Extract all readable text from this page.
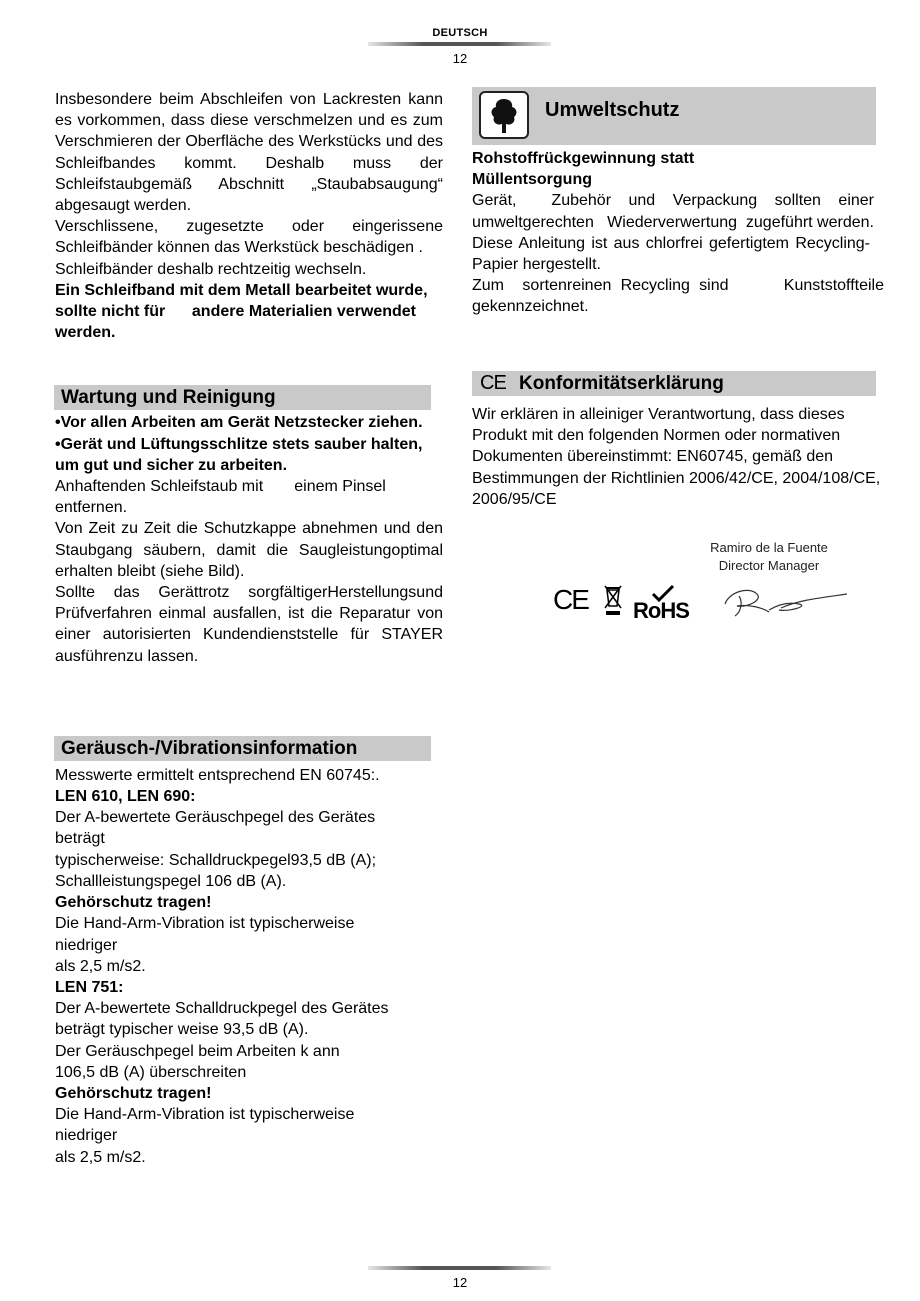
DEUTSCH
12

Insbesondere beim Abschleifen von Lackresten kann es vorkommen, dass diese verschmelzen und es zum Verschmieren der Oberfläche des Werkstücks und des Schleifbandes kommt. Deshalb muss der Schleifstaubgemäß Abschnitt „Staubabsaugung“ abgesaugt werden.

Verschlissene, zugesetzte oder eingerissene Schleifbänder können das Werkstück beschädigen .

Schleifbänder deshalb rechtzeitig wechseln.

Ein Schleifband mit dem Metall bearbeitet wurde, sollte nicht für      andere Materialien verwendet werden.

Wartung und Reinigung

•Vor allen Arbeiten am Gerät Netzstecker ziehen.

•Gerät und Lüftungsschlitze stets sauber halten, um gut und sicher zu arbeiten.

Anhaftenden Schleifstaub mit       einem Pinsel entfernen.

Von Zeit zu Zeit die Schutzkappe abnehmen und den Staubgang säubern, damit die Saugleistungoptimal erhalten bleibt (siehe Bild).

Sollte das Gerättrotz sorgfältigerHerstellungsund Prüfverfahren einmal ausfallen, ist die Reparatur von einer autorisierten Kundendienststelle für STAYER ausführenzu lassen.

Geräusch-/Vibrationsinformation

Messwerte ermittelt entsprechend EN 60745:.

LEN 610, LEN 690:

Der A-bewertete Geräuschpegel des Gerätes beträgt

typischerweise: Schalldruckpegel93,5 dB (A);

Schallleistungspegel 106 dB (A).

Gehörschutz tragen!

Die Hand-Arm-Vibration ist typischerweise niedriger

als 2,5 m/s2.

LEN 751:

Der A-bewertete Schalldruckpegel des Gerätes beträgt typischer weise 93,5 dB (A).

Der Geräuschpegel beim Arbeiten k ann

106,5 dB (A) überschreiten

Gehörschutz tragen!

Die Hand-Arm-Vibration ist typischerweise niedriger

als 2,5 m/s2.

Umweltschutz

Rohstoffrückgewinnung statt Müllentsorgung

Gerät,  Zubehör und Verpackung sollten einer umweltgerechten   Wiederverwertung  zugeführt werden.

Diese Anleitung ist aus chlorfrei gefertigtem Recycling-Papier hergestellt.

Zum  sortenreinen Recycling sind      Kunststoffteile gekennzeichnet.

CE Konformitätserklärung

Wir erklären in alleiniger Verantwortung, dass dieses Produkt mit den folgenden Normen oder normativen Dokumenten übereinstimmt: EN60745, gemäß den Bestimmungen der Richtlinien 2006/42/CE, 2004/108/CE, 2006/95/CE

Ramiro de la Fuente
Director Manager
CE RoHS
12
